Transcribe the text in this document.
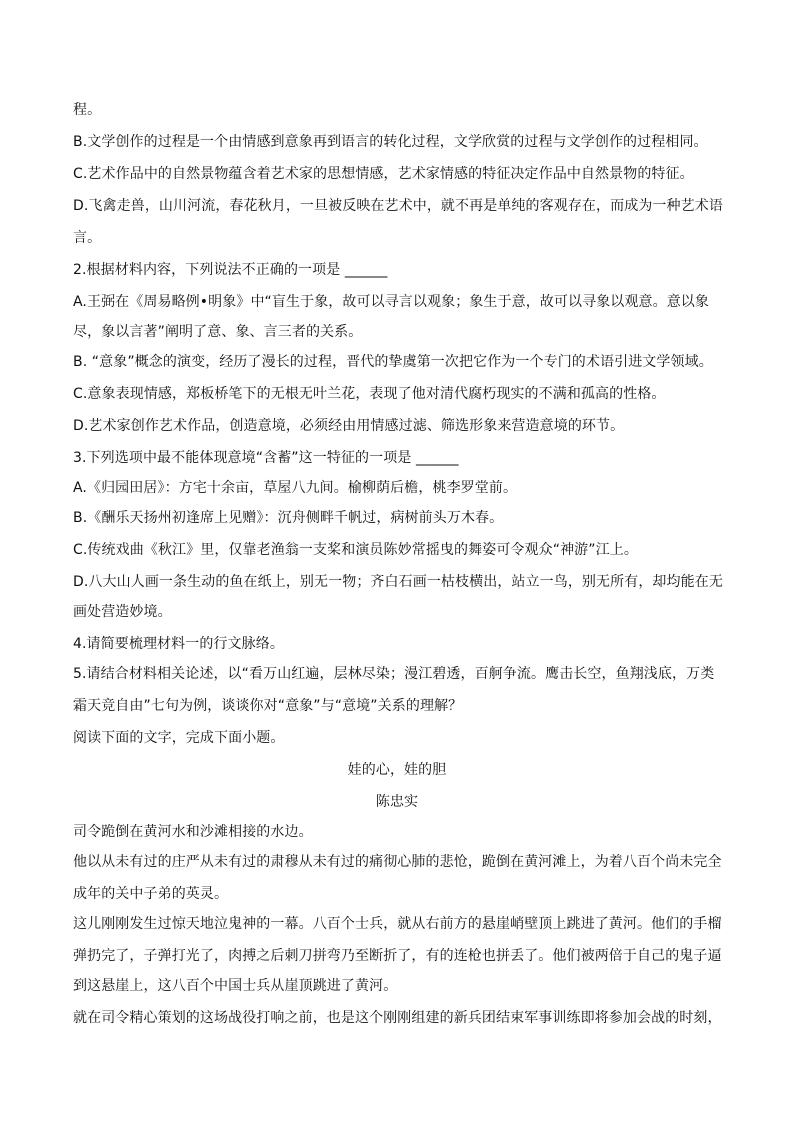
程。
B.文学创作的过程是一个由情感到意象再到语言的转化过程，文学欣赏的过程与文学创作的过程相同。
C.艺术作品中的自然景物蕴含着艺术家的思想情感，艺术家情感的特征决定作品中自然景物的特征。
D.飞禽走兽，山川河流，春花秋月，一旦被反映在艺术中，就不再是单纯的客观存在，而成为一种艺术语
言。
2.根据材料内容，下列说法不正确的一项是 ______
A.王弼在《周易略例•明象》中“盲生于象，故可以寻言以观象；象生于意，故可以寻象以观意。意以象
尽，象以言著”阐明了意、象、言三者的关系。
B. “意象”概念的演变，经历了漫长的过程，晋代的挚虞第一次把它作为一个专门的术语引进文学领域。
C.意象表现情感，郑板桥笔下的无根无叶兰花，表现了他对清代腐朽现实的不满和孤高的性格。
D.艺术家创作艺术作品，创造意境，必须经由用情感过滤、筛选形象来营造意境的环节。
3.下列选项中最不能体现意境“含蓄”这一特征的一项是 ______
A.《归园田居》：方宅十余亩，草屋八九间。榆柳荫后檐，桃李罗堂前。
B.《酬乐天扬州初逢席上见赠》：沉舟侧畔千帆过，病树前头万木春。
C.传统戏曲《秋江》里，仅靠老渔翁一支桨和演员陈妙常摇曳的舞姿可令观众“神游”江上。
D.八大山人画一条生动的鱼在纸上，别无一物；齐白石画一枯枝横出，站立一鸟，别无所有，却均能在无
画处营造妙境。
4.请简要梳理材料一的行文脉络。
5.请结合材料相关论述，以“看万山红遍，层林尽染；漫江碧透，百舸争流。鹰击长空，鱼翔浅底，万类
霜天竞自由”七句为例，谈谈你对“意象”与“意境”关系的理解？
阅读下面的文字，完成下面小题。
娃的心，娃的胆
陈忠实
司令跪倒在黄河水和沙滩相接的水边。
他以从未有过的庄严从未有过的肃穆从未有过的痛彻心肺的悲怆，跪倒在黄河滩上，为着八百个尚未完全
成年的关中子弟的英灵。
这儿刚刚发生过惊天地泣鬼神的一幕。八百个士兵，就从右前方的悬崖峭壁顶上跳进了黄河。他们的手榴
弹扔完了，子弹打光了，肉搏之后刺刀拼弯乃至断折了，有的连枪也拼丢了。他们被两倍于自己的鬼子逼
到这悬崖上，这八百个中国士兵从崖顶跳进了黄河。
就在司令精心策划的这场战役打响之前，也是这个刚刚组建的新兵团结束军事训练即将参加会战的时刻，
